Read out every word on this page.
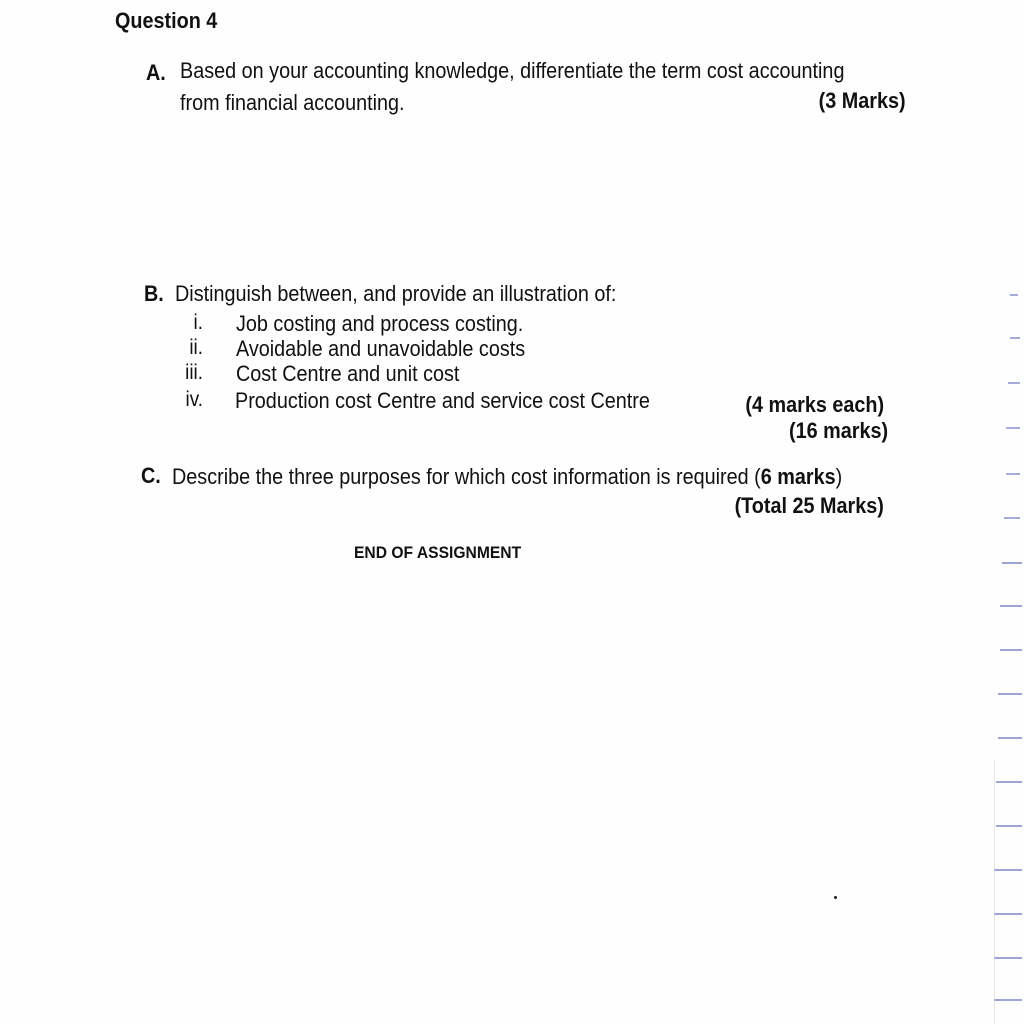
Question 4
A. Based on your accounting knowledge, differentiate the term cost accounting
from financial accounting.	(3 Marks)
B. Distinguish between, and provide an illustration of:
i. Job costing and process costing.
ii. Avoidable and unavoidable costs
iii. Cost Centre and unit cost
iv. Production cost Centre and service cost Centre	(4 marks each)
(16 marks)
C. Describe the three purposes for which cost information is required (6 marks)
(Total 25 Marks)
END OF ASSIGNMENT
